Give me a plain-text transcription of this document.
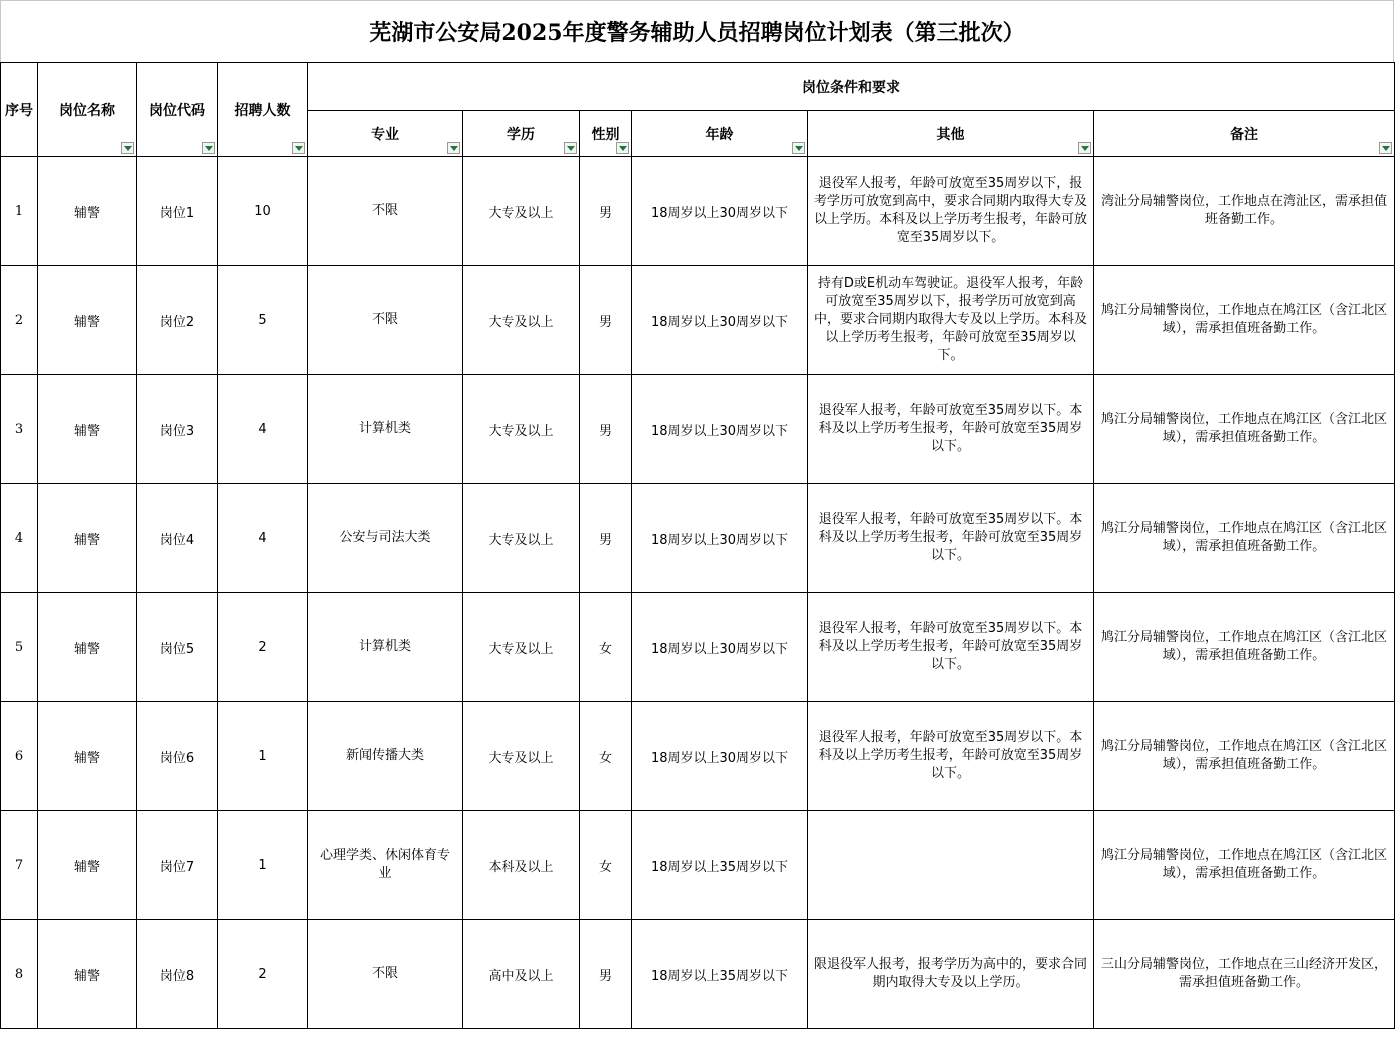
芜湖市公安局2025年度警务辅助人员招聘岗位计划表（第三批次）
序号	岗位名称	岗位代码	招聘人数	岗位条件和要求					
				专业	学历	性别	年龄	其他	备注

1	辅警	岗位1	10	不限	大专及以上	男	18周岁以上30周岁以下	退役军人报考，年龄可放宽至35周岁以下，报考学历可放宽到高中，要求合同期内取得大专及以上学历。本科及以上学历考生报考，年龄可放宽至35周岁以下。	湾沚分局辅警岗位，工作地点在湾沚区，需承担值班备勤工作。
2	辅警	岗位2	5	不限	大专及以上	男	18周岁以上30周岁以下	持有D或E机动车驾驶证。退役军人报考，年龄可放宽至35周岁以下，报考学历可放宽到高中，要求合同期内取得大专及以上学历。本科及以上学历考生报考，年龄可放宽至35周岁以下。	鸠江分局辅警岗位，工作地点在鸠江区（含江北区域），需承担值班备勤工作。
3	辅警	岗位3	4	计算机类	大专及以上	男	18周岁以上30周岁以下	退役军人报考，年龄可放宽至35周岁以下。本科及以上学历考生报考，年龄可放宽至35周岁以下。	鸠江分局辅警岗位，工作地点在鸠江区（含江北区域），需承担值班备勤工作。
4	辅警	岗位4	4	公安与司法大类	大专及以上	男	18周岁以上30周岁以下	退役军人报考，年龄可放宽至35周岁以下。本科及以上学历考生报考，年龄可放宽至35周岁以下。	鸠江分局辅警岗位，工作地点在鸠江区（含江北区域），需承担值班备勤工作。
5	辅警	岗位5	2	计算机类	大专及以上	女	18周岁以上30周岁以下	退役军人报考，年龄可放宽至35周岁以下。本科及以上学历考生报考，年龄可放宽至35周岁以下。	鸠江分局辅警岗位，工作地点在鸠江区（含江北区域），需承担值班备勤工作。
6	辅警	岗位6	1	新闻传播大类	大专及以上	女	18周岁以上30周岁以下	退役军人报考，年龄可放宽至35周岁以下。本科及以上学历考生报考，年龄可放宽至35周岁以下。	鸠江分局辅警岗位，工作地点在鸠江区（含江北区域），需承担值班备勤工作。
7	辅警	岗位7	1	心理学类、休闲体育专业	本科及以上	女	18周岁以上35周岁以下		鸠江分局辅警岗位，工作地点在鸠江区（含江北区域），需承担值班备勤工作。
8	辅警	岗位8	2	不限	高中及以上	男	18周岁以上35周岁以下	限退役军人报考，报考学历为高中的，要求合同期内取得大专及以上学历。	三山分局辅警岗位，工作地点在三山经济开发区，需承担值班备勤工作。
